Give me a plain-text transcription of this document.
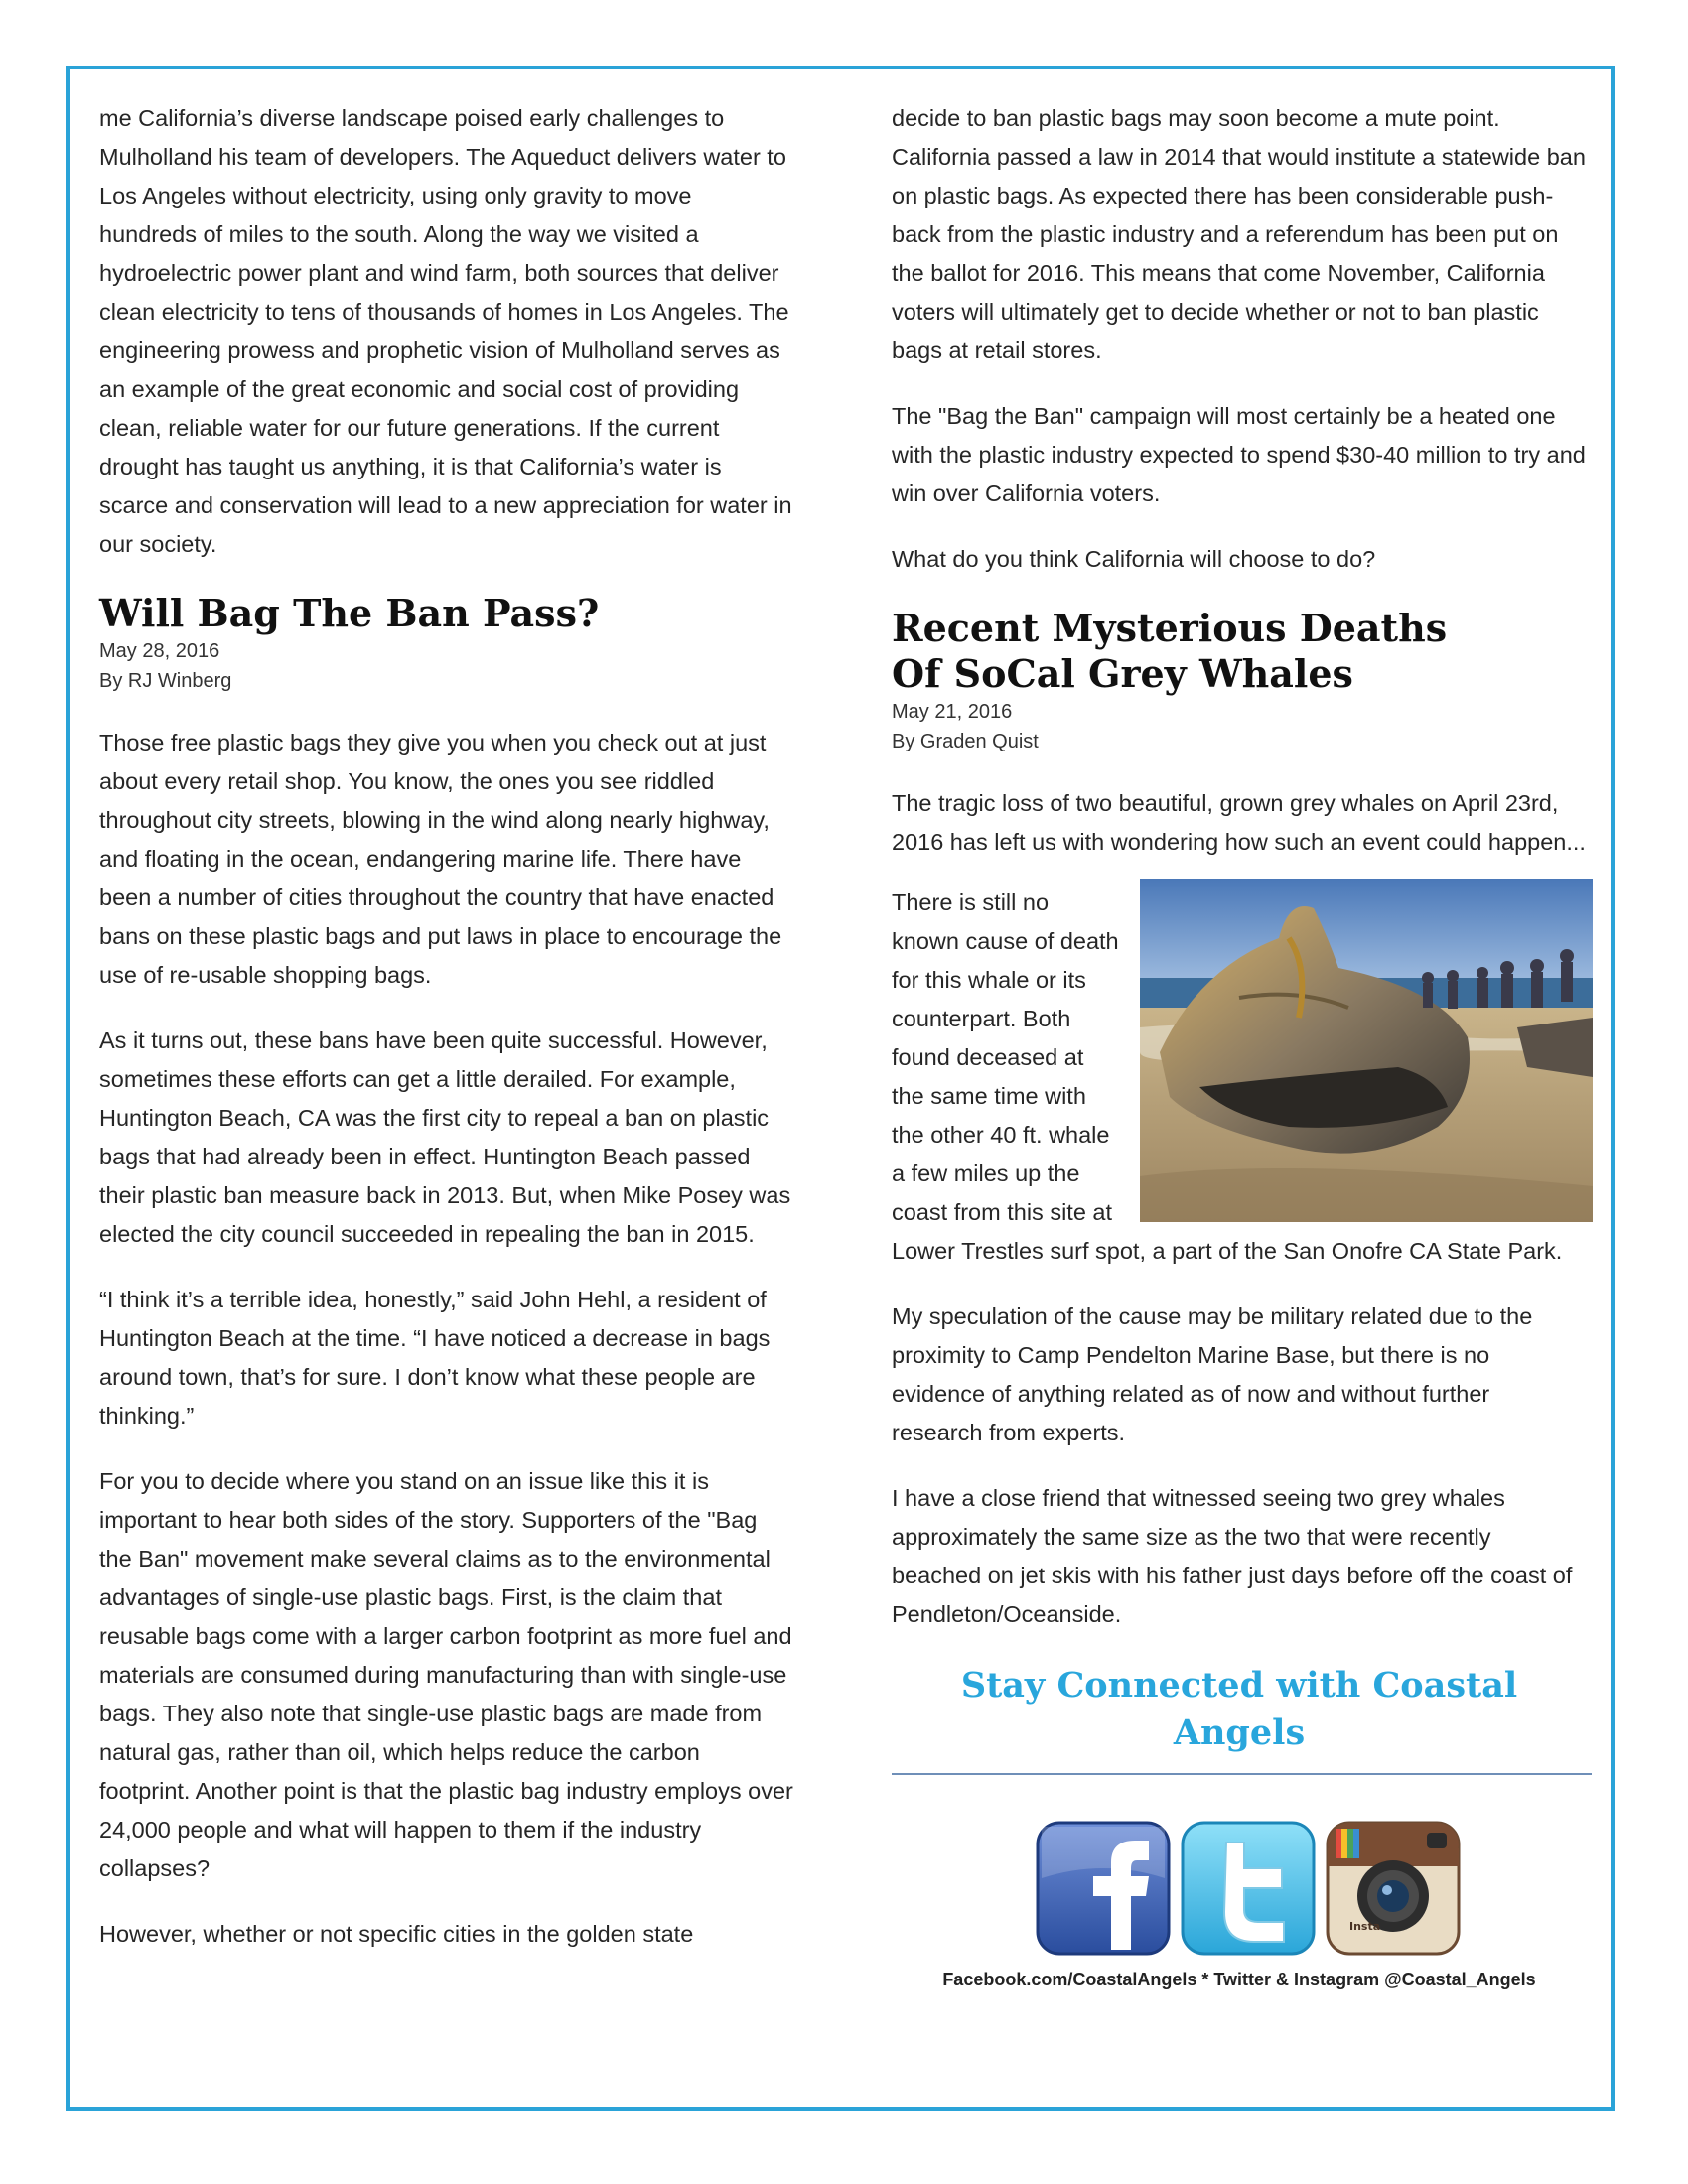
me California’s diverse landscape poised early challenges to Mulholland his team of developers. The Aqueduct delivers water to Los Angeles without electricity, using only gravity to move hundreds of miles to the south. Along the way we visited a hydroelectric power plant and wind farm, both sources that deliver clean electricity to tens of thousands of homes in Los Angeles. The engineering prowess and prophetic vision of Mulholland serves as an example of the great economic and social cost of providing clean, reliable water for our future generations. If the current drought has taught us anything, it is that California’s water is scarce and conservation will lead to a new appreciation for water in our society.

Will Bag The Ban Pass?
May 28, 2016
By RJ Winberg

Those free plastic bags they give you when you check out at just about every retail shop. You know, the ones you see riddled throughout city streets, blowing in the wind along nearly highway, and floating in the ocean, endangering marine life. There have been a number of cities throughout the country that have enacted bans on these plastic bags and put laws in place to encourage the use of re-usable shopping bags.

As it turns out, these bans have been quite successful. However, sometimes these efforts can get a little derailed. For example, Huntington Beach, CA was the first city to repeal a ban on plastic bags that had already been in effect. Huntington Beach passed their plastic ban measure back in 2013. But, when Mike Posey was elected the city council succeeded in repealing the ban in 2015.

“I think it’s a terrible idea, honestly,” said John Hehl, a resident of Huntington Beach at the time. “I have noticed a decrease in bags around town, that’s for sure. I don’t know what these people are thinking.”

For you to decide where you stand on an issue like this it is important to hear both sides of the story. Supporters of the "Bag the Ban" movement make several claims as to the environmental advantages of single-use plastic bags. First, is the claim that reusable bags come with a larger carbon footprint as more fuel and materials are consumed during manufacturing than with single-use bags. They also note that single-use plastic bags are made from natural gas, rather than oil, which helps reduce the carbon footprint. Another point is that the plastic bag industry employs over 24,000 people and what will happen to them if the industry collapses?

However, whether or not specific cities in the golden state

decide to ban plastic bags may soon become a mute point. California passed a law in 2014 that would institute a statewide ban on plastic bags. As expected there has been considerable push-back from the plastic industry and a referendum has been put on the ballot for 2016. This means that come November, California voters will ultimately get to decide whether or not to ban plastic bags at retail stores.

The "Bag the Ban" campaign will most certainly be a heated one with the plastic industry expected to spend $30-40 million to try and win over California voters.

What do you think California will choose to do?

Recent Mysterious Deaths Of SoCal Grey Whales
May 21, 2016
By Graden Quist

The tragic loss of two beautiful, grown grey whales on April 23rd, 2016 has left us with wondering how such an event could happen...

There is still no known cause of death for this whale or its counterpart. Both found deceased at the same time with the other 40 ft. whale a few miles up the coast from this site at Lower Trestles surf spot, a part of the San Onofre CA State Park.

My speculation of the cause may be military related due to the proximity to Camp Pendelton Marine Base, but there is no evidence of anything related as of now and without further research from experts.

I have a close friend that witnessed seeing two grey whales approximately the same size as the two that were recently beached on jet skis with his father just days before off the coast of Pendleton/Oceanside.

Stay Connected with Coastal Angels
Insta
Facebook.com/CoastalAngels * Twitter & Instagram @Coastal_Angels
